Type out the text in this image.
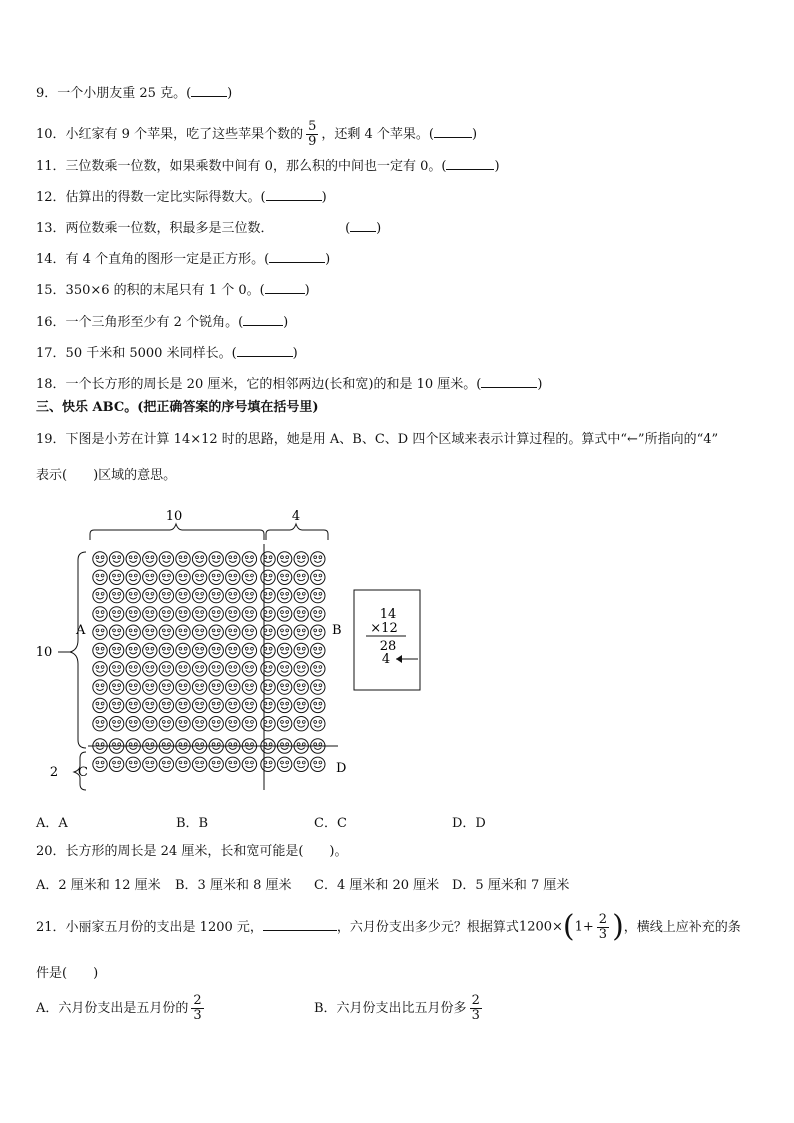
9．一个小朋友重 25 克。(	)
10．小红家有 9 个苹果，吃了这些苹果个数的 $\frac{5}{9}$ ，还剩 4 个苹果。(	)
11．三位数乘一位数，如果乘数中间有 0，那么积的中间也一定有 0。(	)
12．估算出的得数一定比实际得数大。(	)
13．两位数乘一位数，积最多是三位数．　　　　　　	( )
14．有 4 个直角的图形一定是正方形。(	)
15．350×6 的积的末尾只有 1 个 0。(	)
16．一个三角形至少有 2 个锐角。(	)
17．50 千米和 5000 米同样长。(	)
18．一个长方形的周长是 20 厘米，它的相邻两边(长和宽)的和是 10 厘米。(	)
三、快乐 ABC。(把正确答案的序号填在括号里)
19．下图是小芳在计算 14×12 时的思路，她是用 A、B、C、D 四个区域来表示计算过程的。算式中“←”所指向的“4”
表示(　　)区域的意思。
10	4
10
2
A	B
C	D
14
×12
28
4
A．A	B．B	C．C	D．D
20．长方形的周长是 24 厘米，长和宽可能是(　　)。
A．2 厘米和 12 厘米 B．3 厘米和 8 厘米 C．4 厘米和 20 厘米 D．5 厘米和 7 厘米
21．小丽家五月份的支出是 1200 元，	，六月份支出多少元？根据算式$1200\times(1+ \frac{2}{3}$ )，横线上应补充的条
件是(　　)
A．六月份支出是五月份的 $\frac{2}{3}$	B．六月份支出比五月份多 $\frac{2}{3}$
